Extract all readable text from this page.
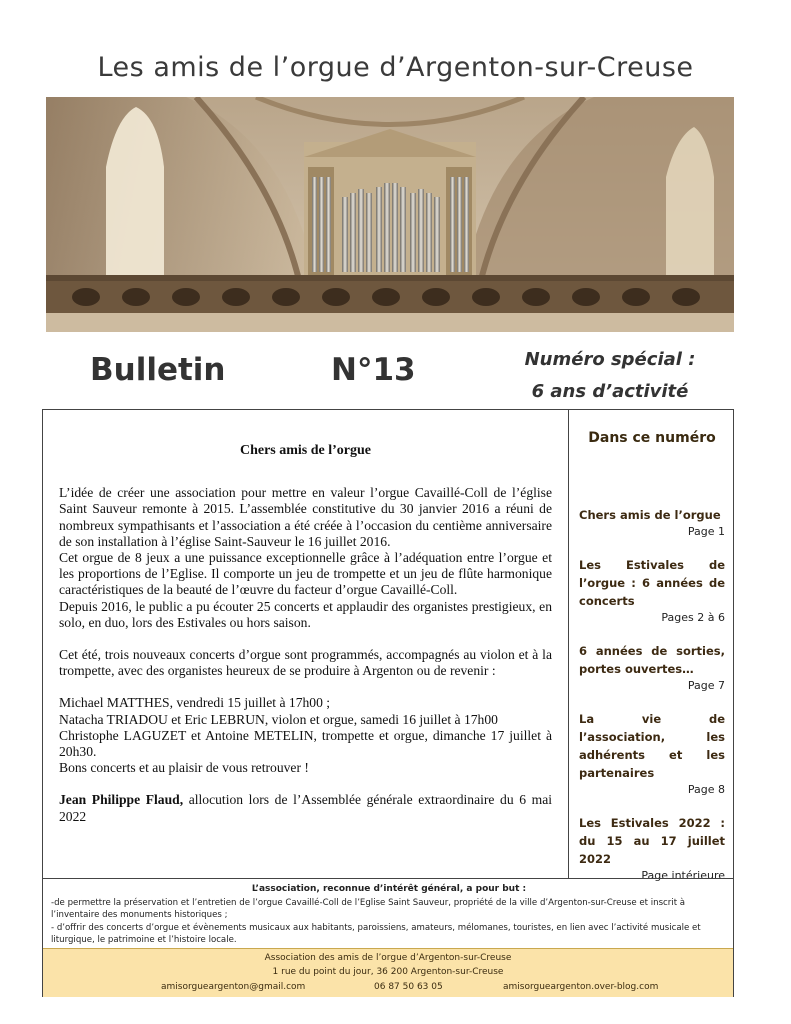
Les amis de l’orgue d’Argenton-sur-Creuse
Bulletin	N°13	Numéro spécial :
6 ans d’activité
Chers amis de l’orgue

L’idée de créer une association pour mettre en valeur l’orgue Cavaillé-Coll de l’église Saint Sauveur remonte à 2015. L’assemblée constitutive du 30 janvier 2016 a réuni de nombreux sympathisants et l’association a été créée à l’occasion du centième anniversaire de son installation à l’église Saint-Sauveur le 16 juillet 2016.

Cet orgue de 8 jeux a une puissance exceptionnelle grâce à l’adéquation entre l’orgue et les proportions de l’Eglise. Il comporte un jeu de trompette et un jeu de flûte harmonique caractéristiques de la beauté de l’œuvre du facteur d’orgue Cavaillé-Coll.

Depuis 2016, le public a pu écouter 25 concerts et applaudir des organistes prestigieux, en solo, en duo, lors des Estivales ou hors saison.

Cet été, trois nouveaux concerts d’orgue sont programmés, accompagnés au violon et à la trompette, avec des organistes heureux de se produire à Argenton ou de revenir :

Michael MATTHES, vendredi 15 juillet à 17h00 ;

Natacha TRIADOU et Eric LEBRUN, violon et orgue, samedi 16 juillet à 17h00

Christophe LAGUZET et Antoine METELIN, trompette et orgue, dimanche 17 juillet à 20h30.

Bons concerts et au plaisir de vous retrouver !

Jean Philippe Flaud, allocution lors de l’Assemblée générale extraordinaire du 6 mai 2022

Dans ce numéro
Chers amis de l’orgue
Page 1
Les Estivales de l’orgue : 6 années de concerts
Pages 2 à 6
6 années de sorties, portes ouvertes…
Page 7
La vie de l’association, les adhérents et les partenaires
Page 8
Les Estivales 2022 : du 15 au 17 juillet 2022
Page intérieure
L’association, reconnue d’intérêt général, a pour but :
-de permettre la préservation et l’entretien de l’orgue Cavaillé-Coll de l’Eglise Saint Sauveur, propriété de la ville d’Argenton-sur-Creuse et inscrit à l’inventaire des monuments historiques ;
- d’offrir des concerts d’orgue et évènements musicaux aux habitants, paroissiens, amateurs, mélomanes, touristes, en lien avec l’activité musicale et liturgique, le patrimoine et l’histoire locale.
Association des amis de l’orgue d’Argenton-sur-Creuse
1 rue du point du jour, 36 200 Argenton-sur-Creuse
amisorgueargenton@gmail.com	06 87 50 63 05	amisorgueargenton.over-blog.com
